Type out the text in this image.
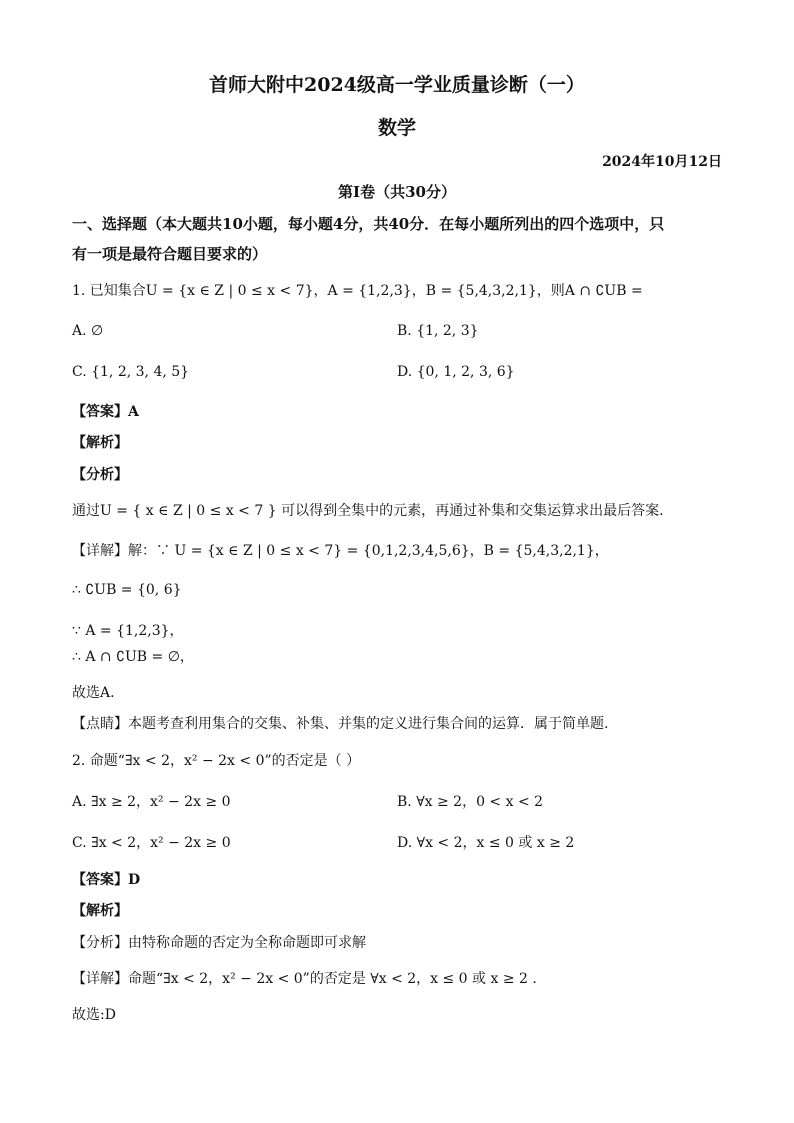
首师大附中2024级高一学业质量诊断（一）
数学
2024年10月12日
第Ⅰ卷（共30分）
一、选择题（本大题共10小题，每小题4分，共40分．在每小题所列出的四个选项中，只
有一项是最符合题目要求的）
1. 已知集合U = {x ∈ Z | 0 ≤ x < 7}，A = {1,2,3}，B = {5,4,3,2,1}，则A ∩ ∁UB =
A. ∅	B. {1, 2, 3}
C. {1, 2, 3, 4, 5}	D. {0, 1, 2, 3, 6}
【答案】A
【解析】
【分析】
通过U = { x ∈ Z | 0 ≤ x < 7 } 可以得到全集中的元素，再通过补集和交集运算求出最后答案.
【详解】解：∵ U = {x ∈ Z | 0 ≤ x < 7} = {0,1,2,3,4,5,6}，B = {5,4,3,2,1}，
∴ ∁UB = {0, 6}
∵ A = {1,2,3}，
∴ A ∩ ∁UB = ∅，
故选A.
【点睛】本题考查利用集合的交集、补集、并集的定义进行集合间的运算．属于简单题.
2. 命题“∃x < 2，x² − 2x < 0”的否定是（ ）
A. ∃x ≥ 2，x² − 2x ≥ 0	B. ∀x ≥ 2，0 < x < 2
C. ∃x < 2，x² − 2x ≥ 0	D. ∀x < 2，x ≤ 0 或 x ≥ 2
【答案】D
【解析】
【分析】由特称命题的否定为全称命题即可求解
【详解】命题“∃x < 2，x² − 2x < 0”的否定是 ∀x < 2，x ≤ 0 或 x ≥ 2 .
故选:D
